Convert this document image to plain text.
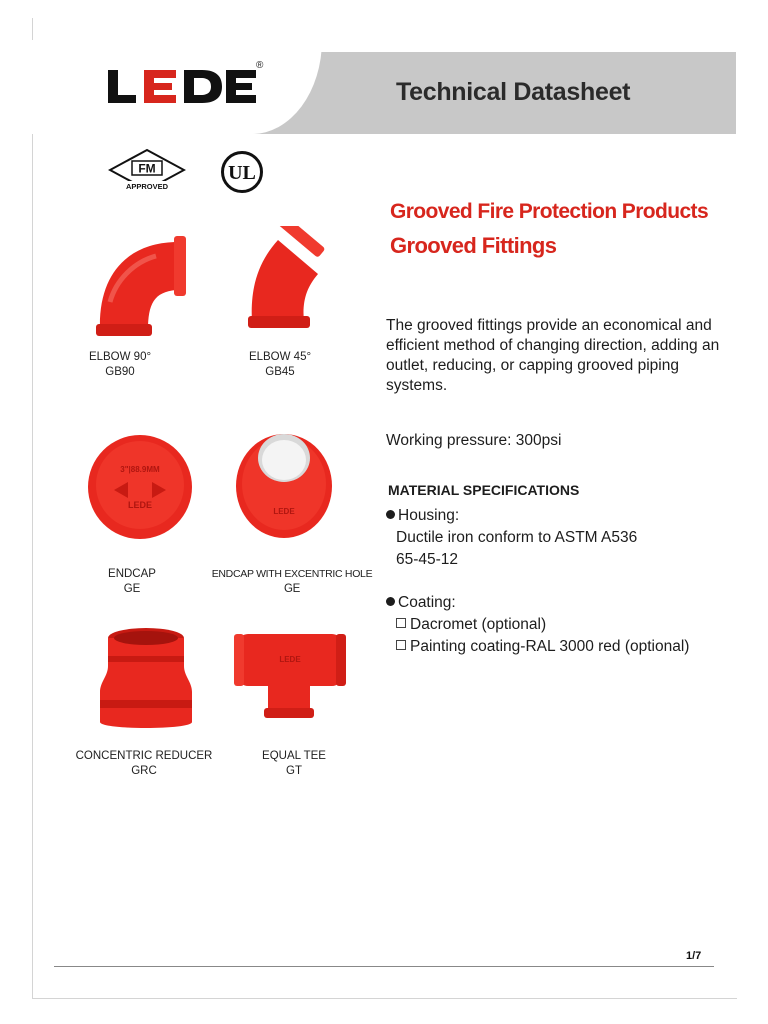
®
Technical Datasheet
FM
APPROVED
UL
3"|88.9MM
LEDE
LEDE
LEDE
ELBOW 90°
GB90
ELBOW 45°
GB45
ENDCAP
GE
ENDCAP WITH EXCENTRIC HOLE
GE
CONCENTRIC REDUCER
GRC
EQUAL TEE
GT
Grooved Fire Protection Products
Grooved Fittings
The grooved fittings provide an economical and efficient method of changing direction, adding an outlet, reducing, or capping grooved piping systems.
Working pressure: 300psi
MATERIAL SPECIFICATIONS
Housing:
Ductile iron conform to ASTM A536
65-45-12
Coating:
Dacromet (optional)
Painting coating-RAL 3000 red (optional)
1/7
